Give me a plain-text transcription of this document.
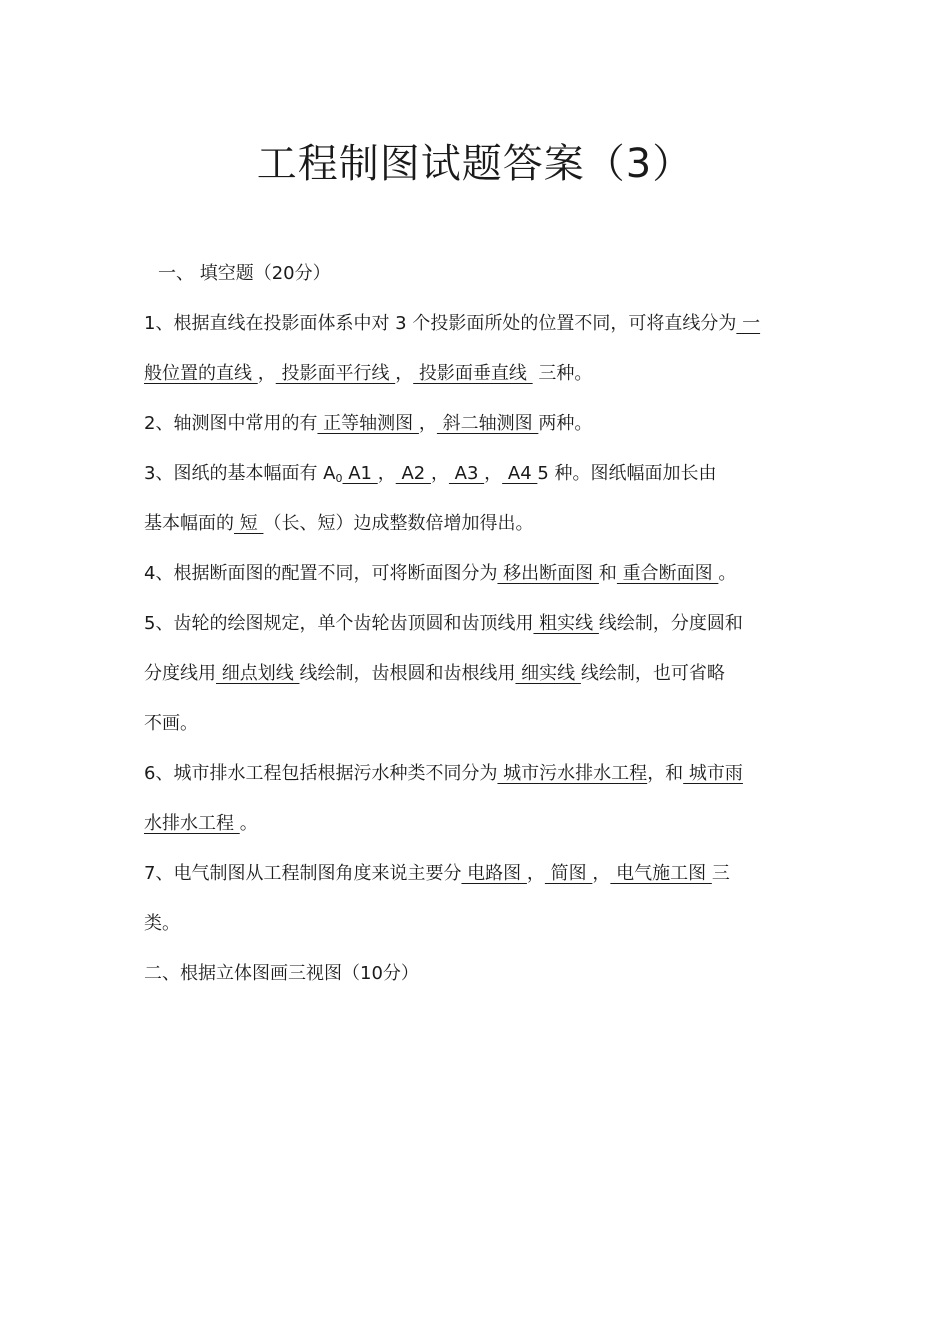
工程制图试题答案（3）
一、 填空题（20分）
1、根据直线在投影面体系中对 3 个投影面所处的位置不同，可将直线分为 一
般位置的直线 ， 投影面平行线 ， 投影面垂直线  三种。
2、轴测图中常用的有 正等轴测图 ， 斜二轴测图 两种。
3、图纸的基本幅面有 $A_0$ A1 ， A2 ， A3 ， A4 5 种。图纸幅面加长由
基本幅面的 短 （长、短）边成整数倍增加得出。
4、根据断面图的配置不同，可将断面图分为 移出断面图 和 重合断面图 。
5、齿轮的绘图规定，单个齿轮齿顶圆和齿顶线用 粗实线 线绘制，分度圆和
分度线用 细点划线 线绘制，齿根圆和齿根线用 细实线 线绘制，也可省略
不画。
6、城市排水工程包括根据污水种类不同分为 城市污水排水工程，和 城市雨
水排水工程 。
7、电气制图从工程制图角度来说主要分 电路图 ， 简图 ， 电气施工图 三
类。
二、根据立体图画三视图（10分）
